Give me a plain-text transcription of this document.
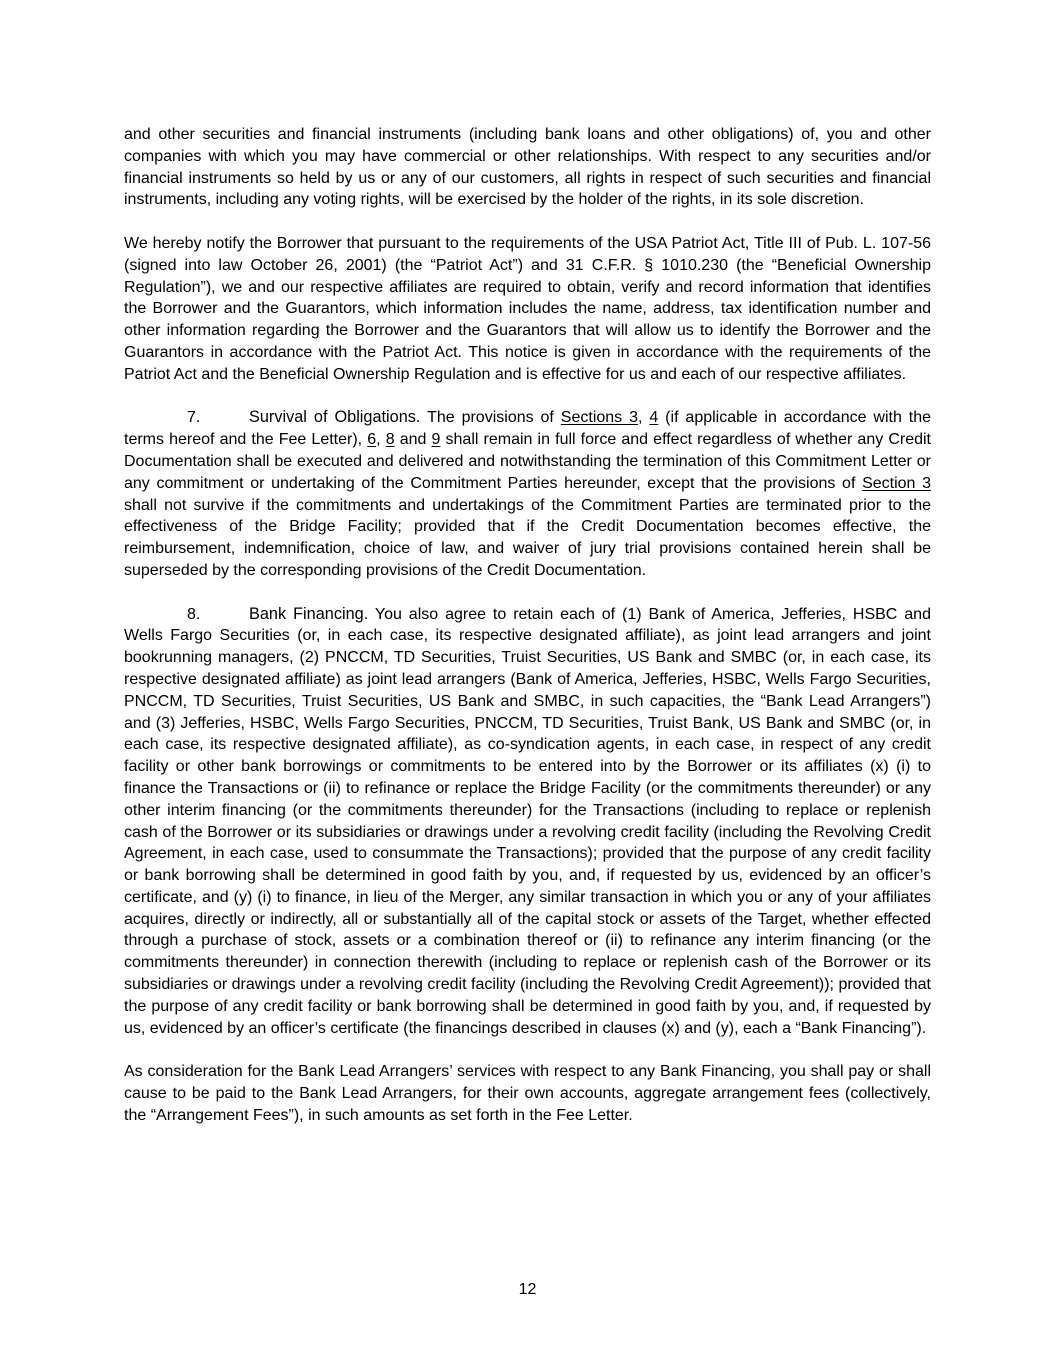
and other securities and financial instruments (including bank loans and other obligations) of, you and other companies with which you may have commercial or other relationships. With respect to any securities and/or financial instruments so held by us or any of our customers, all rights in respect of such securities and financial instruments, including any voting rights, will be exercised by the holder of the rights, in its sole discretion.

We hereby notify the Borrower that pursuant to the requirements of the USA Patriot Act, Title III of Pub. L. 107-56 (signed into law October 26, 2001) (the “Patriot Act”) and 31 C.F.R. § 1010.230 (the “Beneficial Ownership Regulation”), we and our respective affiliates are required to obtain, verify and record information that identifies the Borrower and the Guarantors, which information includes the name, address, tax identification number and other information regarding the Borrower and the Guarantors that will allow us to identify the Borrower and the Guarantors in accordance with the Patriot Act. This notice is given in accordance with the requirements of the Patriot Act and the Beneficial Ownership Regulation and is effective for us and each of our respective affiliates.

7.	Survival of Obligations. The provisions of Sections 3, 4 (if applicable in accordance with the terms hereof and the Fee Letter), 6, 8 and 9 shall remain in full force and effect regardless of whether any Credit Documentation shall be executed and delivered and notwithstanding the termination of this Commitment Letter or any commitment or undertaking of the Commitment Parties hereunder, except that the provisions of Section 3 shall not survive if the commitments and undertakings of the Commitment Parties are terminated prior to the effectiveness of the Bridge Facility; provided that if the Credit Documentation becomes effective, the reimbursement, indemnification, choice of law, and waiver of jury trial provisions contained herein shall be superseded by the corresponding provisions of the Credit Documentation.

8.	Bank Financing. You also agree to retain each of (1) Bank of America, Jefferies, HSBC and Wells Fargo Securities (or, in each case, its respective designated affiliate), as joint lead arrangers and joint bookrunning managers, (2) PNCCM, TD Securities, Truist Securities, US Bank and SMBC (or, in each case, its respective designated affiliate) as joint lead arrangers (Bank of America, Jefferies, HSBC, Wells Fargo Securities, PNCCM, TD Securities, Truist Securities, US Bank and SMBC, in such capacities, the “Bank Lead Arrangers”) and (3) Jefferies, HSBC, Wells Fargo Securities, PNCCM, TD Securities, Truist Bank, US Bank and SMBC (or, in each case, its respective designated affiliate), as co-syndication agents, in each case, in respect of any credit facility or other bank borrowings or commitments to be entered into by the Borrower or its affiliates (x) (i) to finance the Transactions or (ii) to refinance or replace the Bridge Facility (or the commitments thereunder) or any other interim financing (or the commitments thereunder) for the Transactions (including to replace or replenish cash of the Borrower or its subsidiaries or drawings under a revolving credit facility (including the Revolving Credit Agreement, in each case, used to consummate the Transactions); provided that the purpose of any credit facility or bank borrowing shall be determined in good faith by you, and, if requested by us, evidenced by an officer’s certificate, and (y) (i) to finance, in lieu of the Merger, any similar transaction in which you or any of your affiliates acquires, directly or indirectly, all or substantially all of the capital stock or assets of the Target, whether effected through a purchase of stock, assets or a combination thereof or (ii) to refinance any interim financing (or the commitments thereunder) in connection therewith (including to replace or replenish cash of the Borrower or its subsidiaries or drawings under a revolving credit facility (including the Revolving Credit Agreement)); provided that the purpose of any credit facility or bank borrowing shall be determined in good faith by you, and, if requested by us, evidenced by an officer’s certificate (the financings described in clauses (x) and (y), each a “Bank Financing”).

As consideration for the Bank Lead Arrangers’ services with respect to any Bank Financing, you shall pay or shall cause to be paid to the Bank Lead Arrangers, for their own accounts, aggregate arrangement fees (collectively, the “Arrangement Fees”), in such amounts as set forth in the Fee Letter.

12
